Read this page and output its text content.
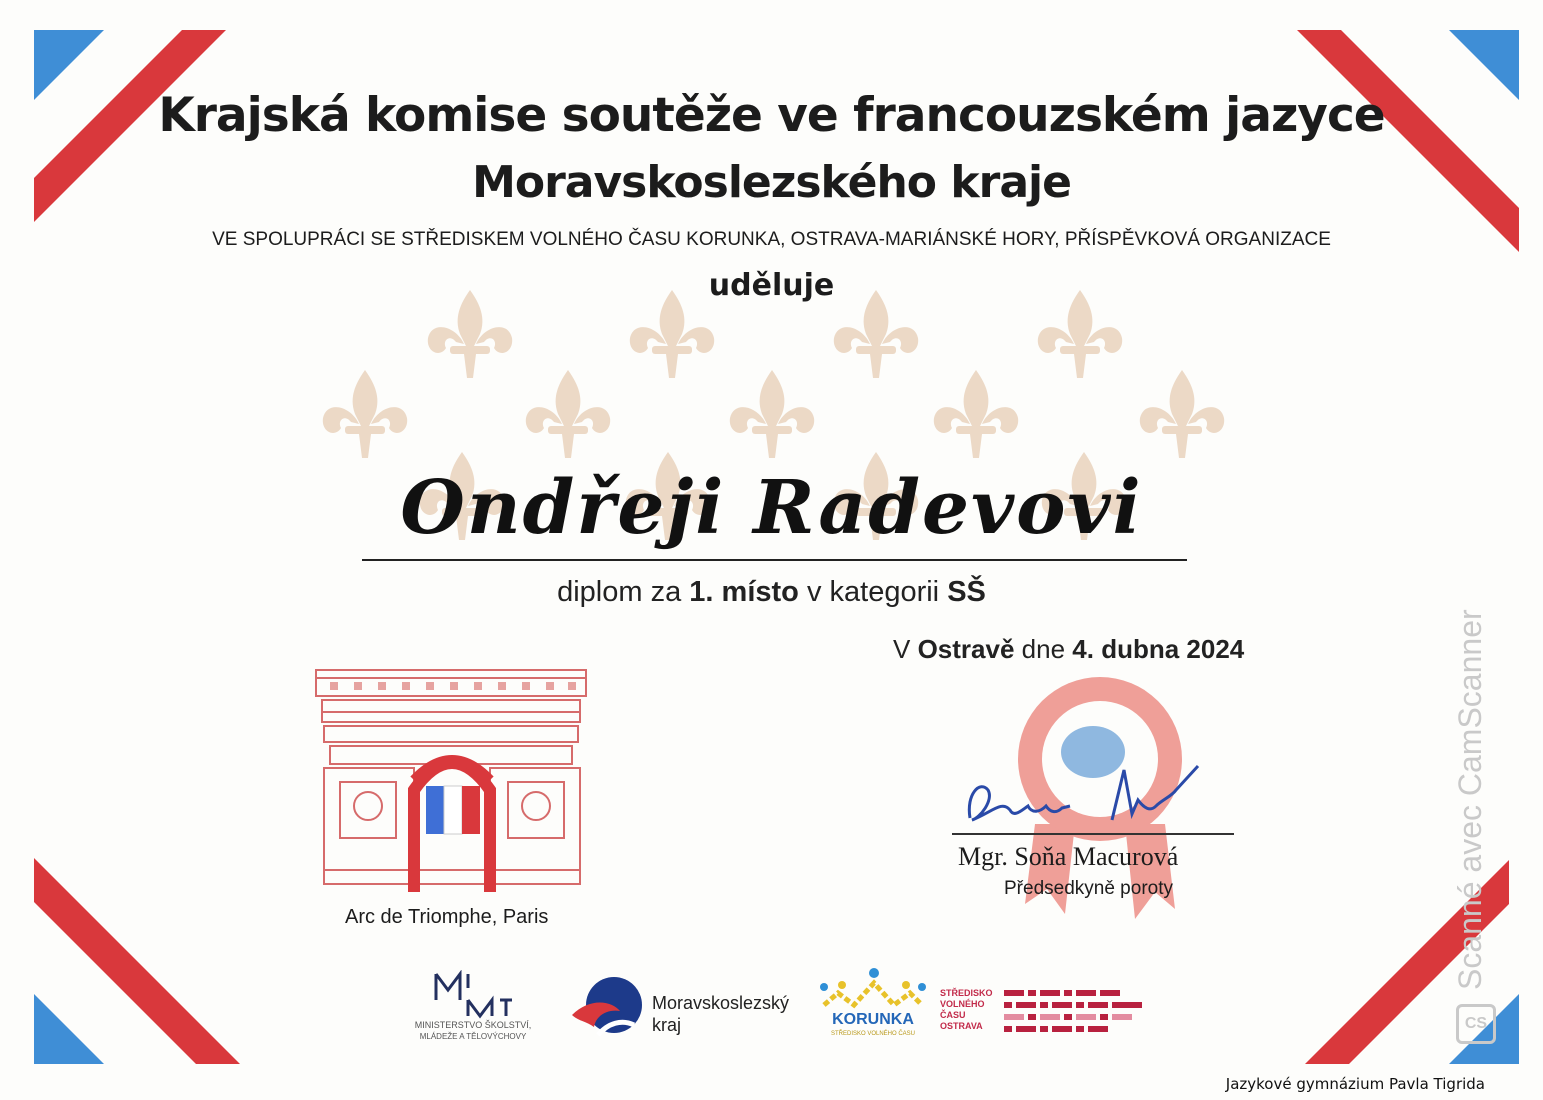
Krajská komise soutěže ve francouzském jazyce
Moravskoslezského kraje
VE SPOLUPRÁCI SE STŘEDISKEM VOLNÉHO ČASU KORUNKA, OSTRAVA-MARIÁNSKÉ HORY, PŘÍSPĚVKOVÁ ORGANIZACE
uděluje
Ondřeji Radevovi
diplom za 1. místo v kategorii SŠ
V Ostravě dne 4. dubna 2024
Arc de Triomphe, Paris
Mgr. Soňa Macurová
Předsedkyně poroty
MINISTERSTVO ŠKOLSTVÍ,
MLÁDEŽE A TĚLOVÝCHOVY
Moravskoslezský
kraj	KORUNKA
STŘEDISKO VOLNÉHO ČASU
STŘEDISKO
VOLNÉHO
ČASU
OSTRAVA
Scanné avec CamScanner
CS
Jazykové gymnázium Pavla Tigrida
